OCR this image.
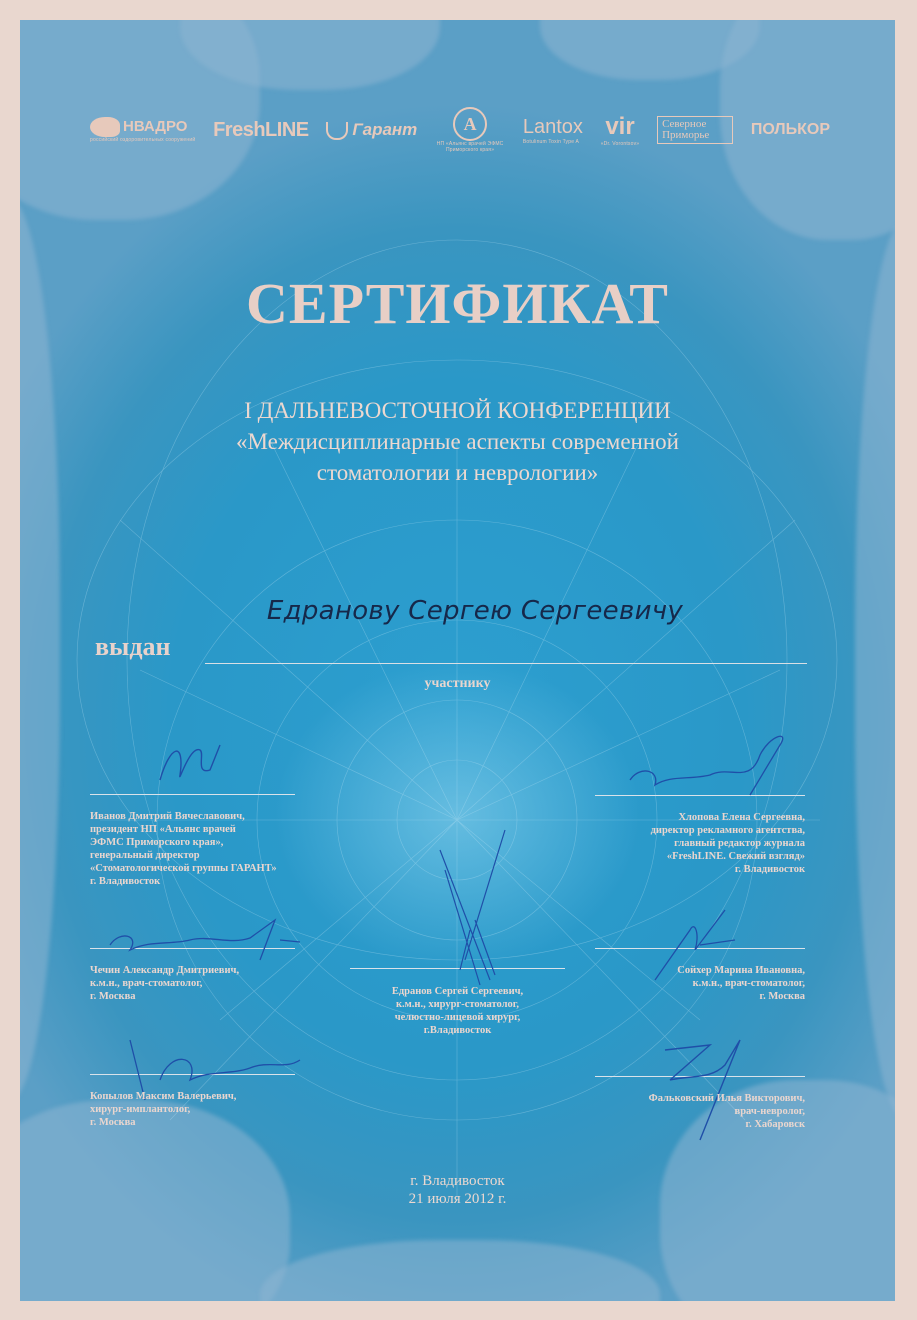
НВАДРО
российский оздоровительных сооружений FreshLINE	Гарант	А
НП «Альянс врачей ЭФМС Приморского края»
Lantox
Botulinum Toxin Type A
vir
«Dr. Vorontsov»
Северное Приморье	ПОЛЬКОР
СЕРТИФИКАТ
I ДАЛЬНЕВОСТОЧНОЙ КОНФЕРЕНЦИИ
«Междисциплинарные аспекты современной
стоматологии и неврологии»
Едранову Сергею Сергеевичу
выдан
участнику
Иванов Дмитрий Вячеславович,
президент НП «Альянс врачей
ЭФМС Приморского края»,
генеральный директор
«Стоматологической группы ГАРАНТ»
г. Владивосток
Хлопова Елена Сергеевна,
директор рекламного агентства,
главный редактор журнала
«FreshLINE. Свежий взгляд»
г. Владивосток
Чечин Александр Дмитриевич,
к.м.н., врач-стоматолог,
г. Москва	Едранов Сергей Сергеевич,
к.м.н., хирург-стоматолог,
челюстно-лицевой хирург,
г.Владивосток
Сойхер Марина Ивановна,
к.м.н., врач-стоматолог,
г. Москва
Копылов Максим Валерьевич,
хирург-имплантолог,
г. Москва
Фальковский Илья Викторович,
врач-невролог,
г. Хабаровск
г. Владивосток
21 июля 2012 г.
